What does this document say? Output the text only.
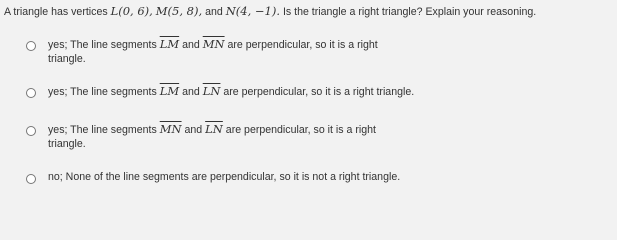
A triangle has vertices L(0, 6), M(5, 8), and N(4, −1). Is the triangle a right triangle? Explain your reasoning.
yes; The line segments $\overline{LM}$ and $\overline{MN}$ are perpendicular, so it is a right triangle.
yes; The line segments $\overline{LM}$ and $\overline{LN}$ are perpendicular, so it is a right triangle.
yes; The line segments $\overline{MN}$ and $\overline{LN}$ are perpendicular, so it is a right triangle.
no; None of the line segments are perpendicular, so it is not a right triangle.
